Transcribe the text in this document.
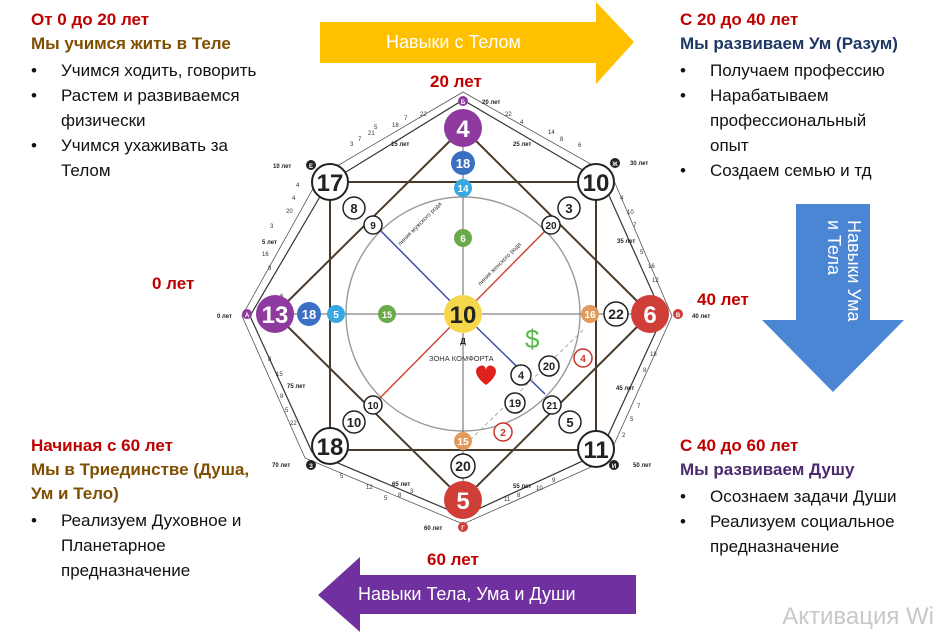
20 лет
40 лет
60 лет
0 лет
10 лет	30 лет
50 лет
70 лет
5 лет
15 лет	25 лет
35 лет
45 лет
55 лет
65 лет
75 лет
3
7
21
5 18
7
22	22
4
14
8
6
4
10
7
5
16
12
18
8
7
5
2
9
10
8
11
3
8
5
12
5
22
5
8
15
8
8
16
3
20
4
4
линия мужского рода
линия женского рода
ЗОНА КОМФОРТА
$
4
6
5
13	10
Д
17	10
11
18
18
14
6
18 5	15	16 22
15
20
8
9
3
20
5
21
10
10
4
20
19
4
2
Б
В
Г
А
Е	Ж
И
З
Навыки с Телом
Навыки Ума
и Тела
Навыки Тела, Ума и Души
20 лет
40 лет
60 лет
0 лет
От 0 до 20 лет
Мы учимся жить в Теле
• Учимся ходить, говорить
• Растем и развиваемся физически
• Учимся ухаживать за Телом
С 20 до 40 лет
Мы развиваем Ум (Разум)
• Получаем профессию
• Нарабатываем профессиональный опыт
• Создаем семью и тд
Начиная с 60 лет
Мы в Триединстве (Душа, Ум и Тело)
• Реализуем Духовное и Планетарное предназначение
С 40 до 60 лет
Мы развиваем Душу
• Осознаем задачи Души
• Реализуем социальное предназначение
Активация Wi
